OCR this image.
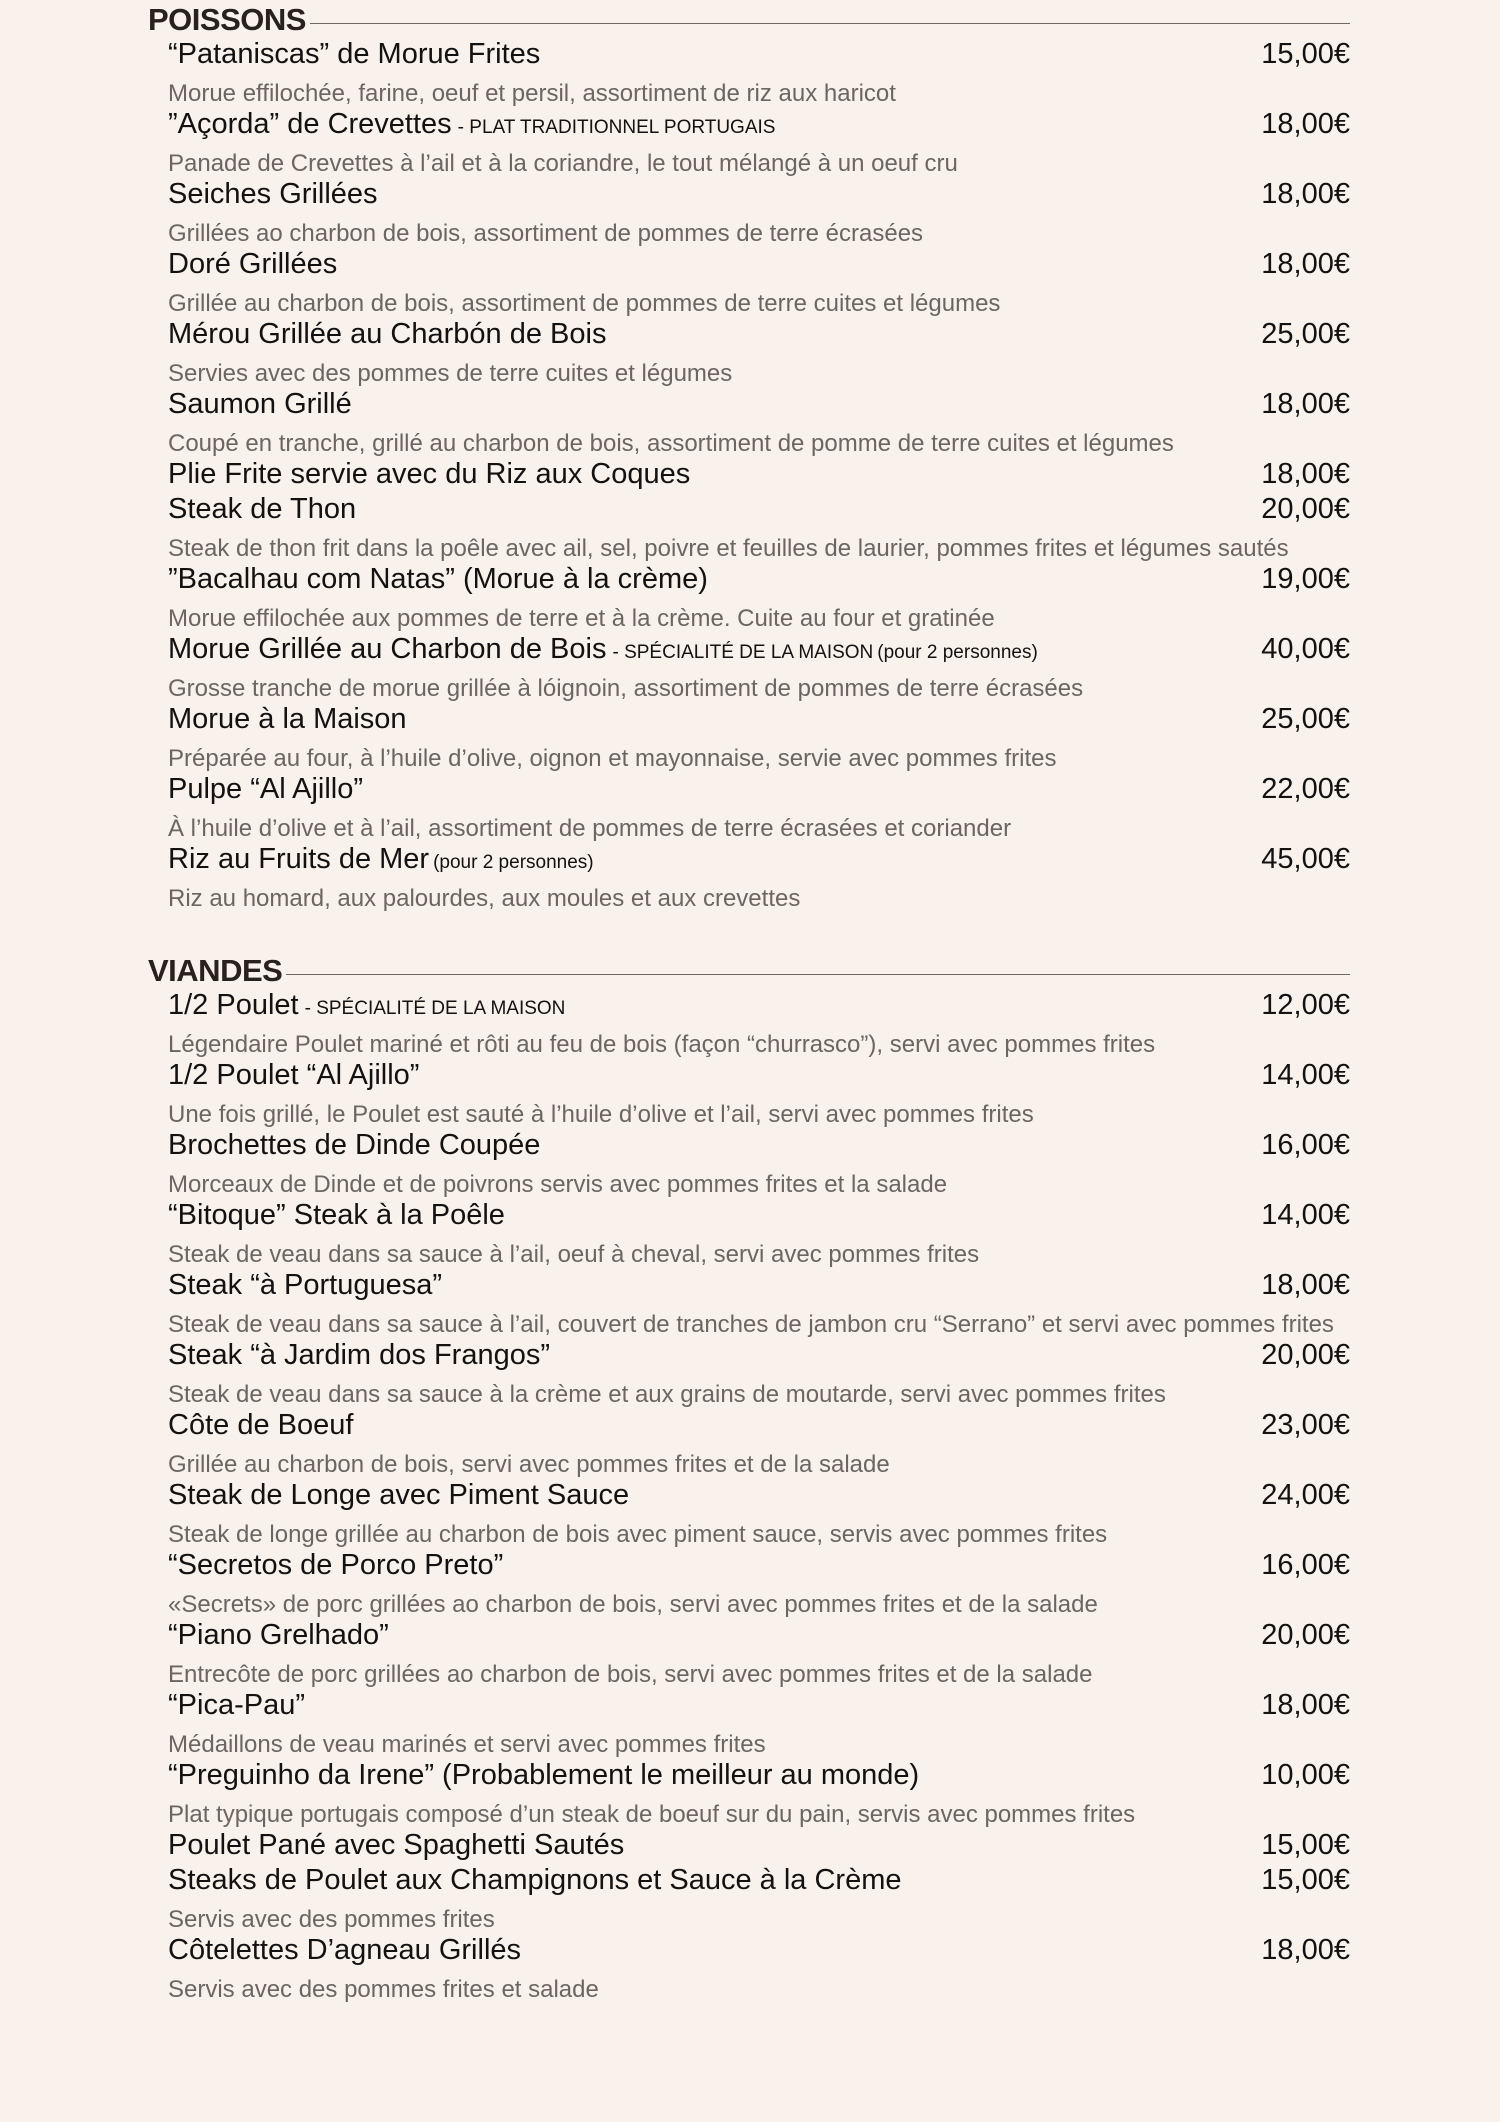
POISSONS
“Pataniscas” de Morue Frites	15,00€
Morue effilochée, farine, oeuf et persil, assortiment de riz aux haricot
”Açorda” de Crevettes - PLAT TRADITIONNEL PORTUGAIS	18,00€
Panade de Crevettes à l’ail et à la coriandre, le tout mélangé à un oeuf cru
Seiches Grillées	18,00€
Grillées ao charbon de bois, assortiment de pommes de terre écrasées
Doré Grillées	18,00€
Grillée au charbon de bois, assortiment de pommes de terre cuites et légumes
Mérou Grillée au Charbón de Bois	25,00€
Servies avec des pommes de terre cuites et légumes
Saumon Grillé	18,00€
Coupé en tranche, grillé au charbon de bois, assortiment de pomme de terre cuites et légumes
Plie Frite servie avec du Riz aux Coques	18,00€
Steak de Thon	20,00€
Steak de thon frit dans la poêle avec ail, sel, poivre et feuilles de laurier, pommes frites et légumes sautés
”Bacalhau com Natas” (Morue à la crème)	19,00€
Morue effilochée aux pommes de terre et à la crème. Cuite au four et gratinée
Morue Grillée au Charbon de Bois - SPÉCIALITÉ DE LA MAISON (pour 2 personnes)	40,00€
Grosse tranche de morue grillée à lóignoin, assortiment de pommes de terre écrasées
Morue à la Maison	25,00€
Préparée au four, à l’huile d’olive, oignon et mayonnaise, servie avec pommes frites
Pulpe “Al Ajillo”	22,00€
À l’huile d’olive et à l’ail, assortiment de pommes de terre écrasées et coriander
Riz au Fruits de Mer (pour 2 personnes)	45,00€
Riz au homard, aux palourdes, aux moules et aux crevettes
VIANDES
1/2 Poulet - SPÉCIALITÉ DE LA MAISON	12,00€
Légendaire Poulet mariné et rôti au feu de bois (façon “churrasco”), servi avec pommes frites
1/2 Poulet “Al Ajillo”	14,00€
Une fois grillé, le Poulet est sauté à l’huile d’olive et l’ail, servi avec pommes frites
Brochettes de Dinde Coupée	16,00€
Morceaux de Dinde et de poivrons servis avec pommes frites et la salade
“Bitoque” Steak à la Poêle	14,00€
Steak de veau dans sa sauce à l’ail, oeuf à cheval, servi avec pommes frites
Steak “à Portuguesa”	18,00€
Steak de veau dans sa sauce à l’ail, couvert de tranches de jambon cru “Serrano” et servi avec pommes frites
Steak “à Jardim dos Frangos”	20,00€
Steak de veau dans sa sauce à la crème et aux grains de moutarde, servi avec pommes frites
Côte de Boeuf	23,00€
Grillée au charbon de bois, servi avec pommes frites et de la salade
Steak de Longe avec Piment Sauce	24,00€
Steak de longe grillée au charbon de bois avec piment sauce, servis avec pommes frites
“Secretos de Porco Preto”	16,00€
«Secrets» de porc grillées ao charbon de bois, servi avec pommes frites et de la salade
“Piano Grelhado”	20,00€
Entrecôte de porc grillées ao charbon de bois, servi avec pommes frites et de la salade
“Pica-Pau”	18,00€
Médaillons de veau marinés et servi avec pommes frites
“Preguinho da Irene” (Probablement le meilleur au monde)	10,00€
Plat typique portugais composé d’un steak de boeuf sur du pain, servis avec pommes frites
Poulet Pané avec Spaghetti Sautés	15,00€
Steaks de Poulet aux Champignons et Sauce à la Crème	15,00€
Servis avec des pommes frites
Côtelettes D’agneau Grillés	18,00€
Servis avec des pommes frites et salade
